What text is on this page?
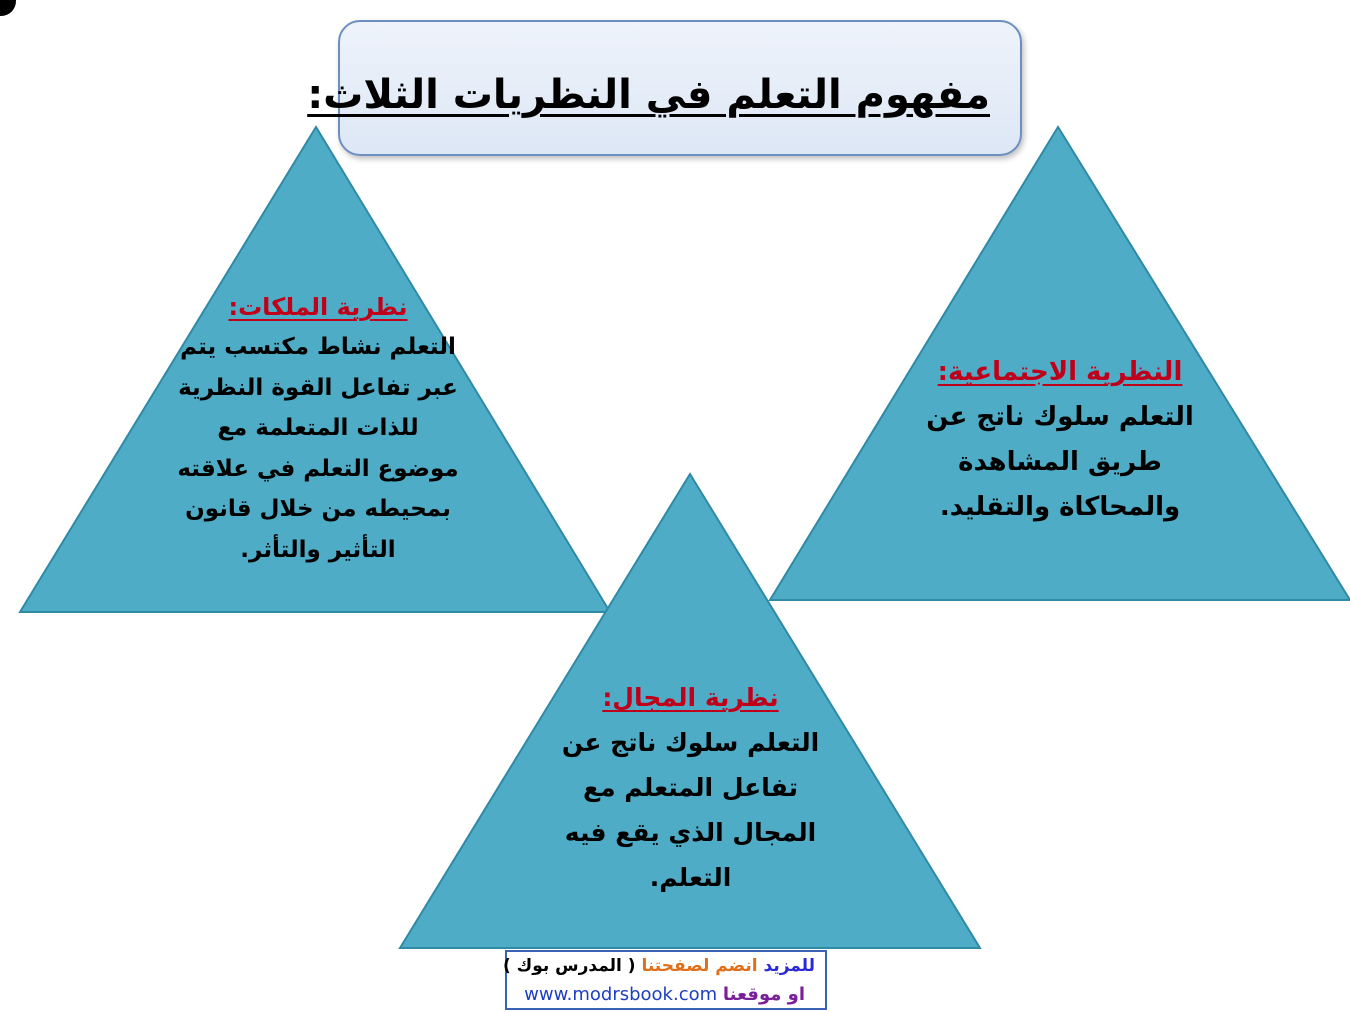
مفهوم التعلم في النظريات الثلاث:
نظرية الملكات:
التعلم نشاط مكتسب يتم
عبر تفاعل القوة النظرية
للذات المتعلمة مع
موضوع التعلم في علاقته
بمحيطه من خلال قانون
التأثير والتأثر.
النظرية الاجتماعية:
التعلم سلوك ناتج عن
طريق المشاهدة
والمحاكاة والتقليد.
نظرية المجال:
التعلم سلوك ناتج عن
تفاعل المتعلم مع
المجال الذي يقع فيه
التعلم.
للمزيد انضم لصفحتنا ( المدرس بوك )
او موقعنا www.modrsbook.com
